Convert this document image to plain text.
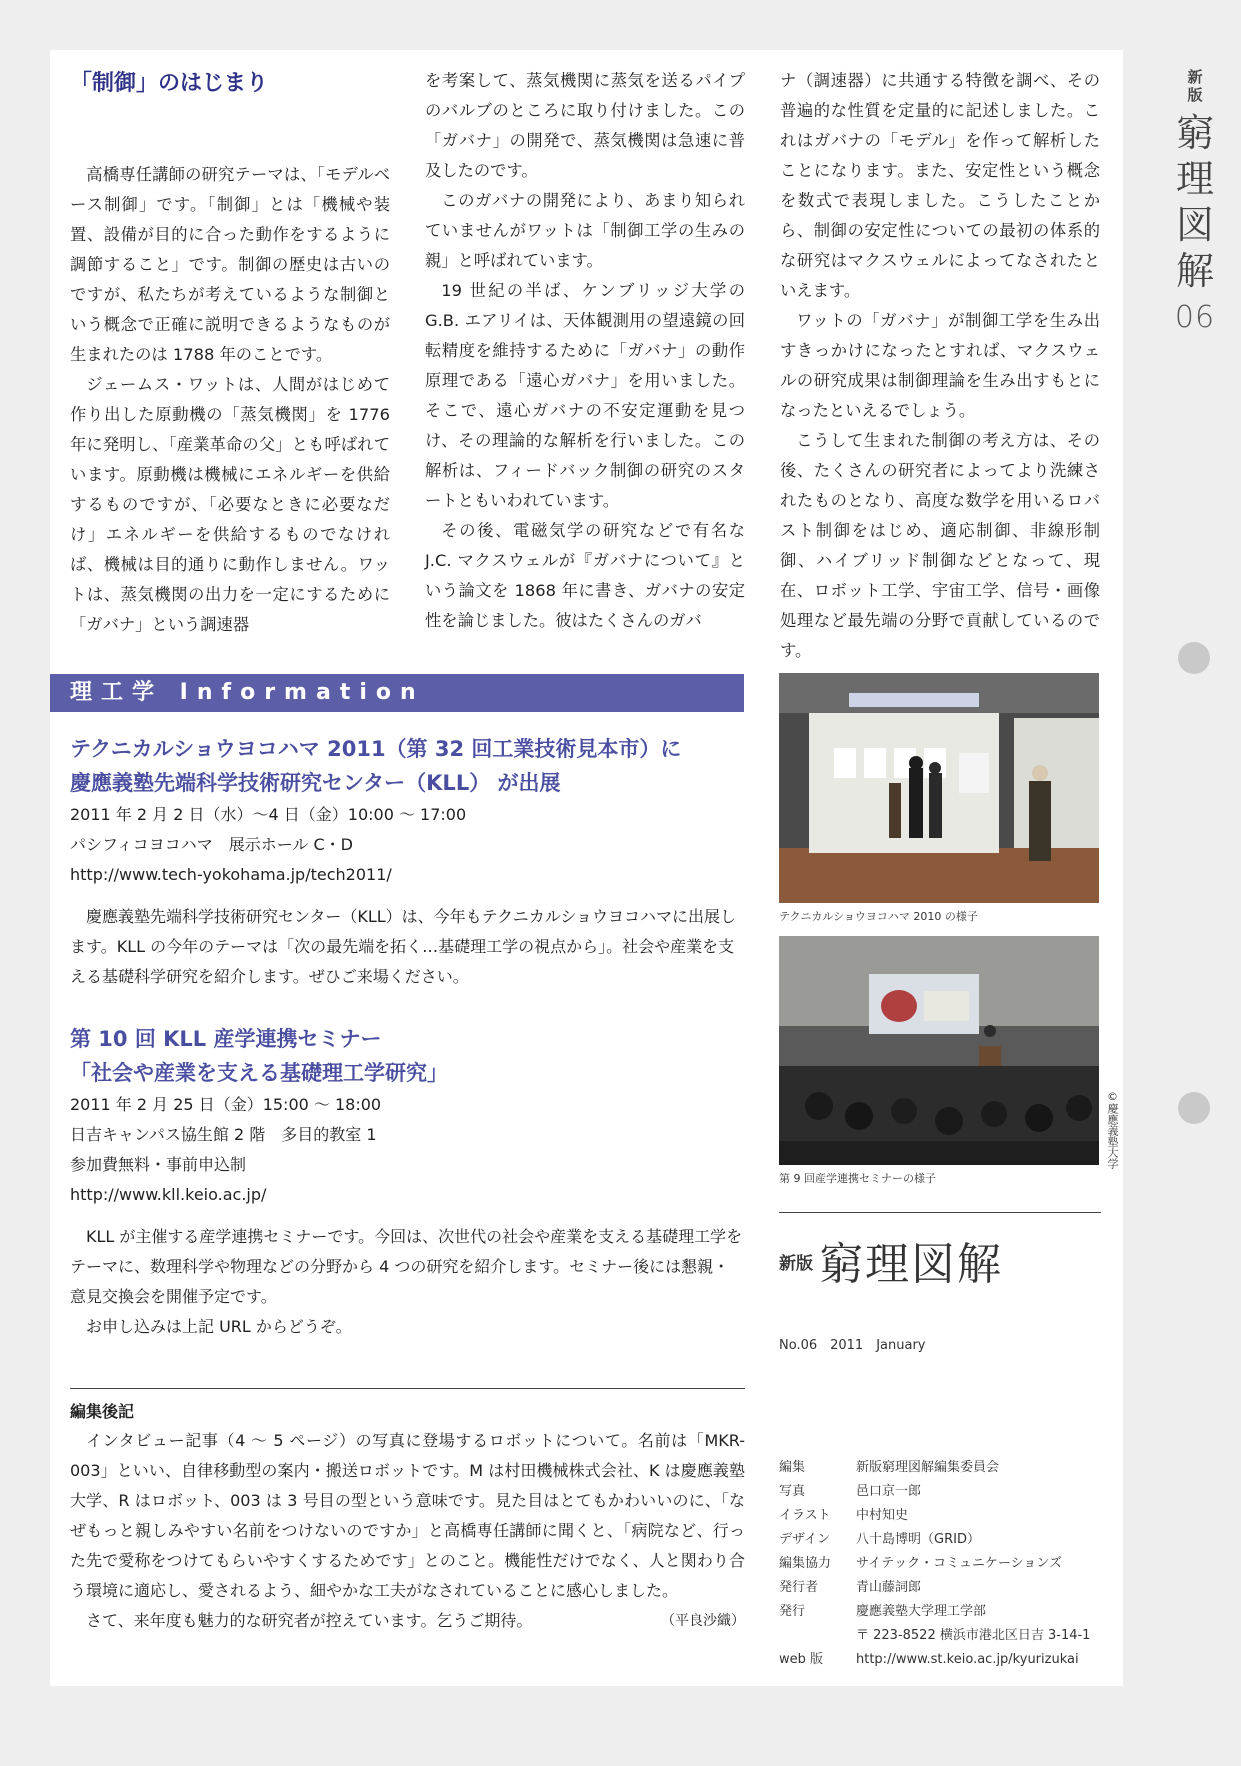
新版
窮理図解
06
「制御」のはじまり

高橋専任講師の研究テーマは、「モデルベース制御」です。「制御」とは「機械や装置、設備が目的に合った動作をするように調節すること」です。制御の歴史は古いのですが、私たちが考えているような制御という概念で正確に説明できるようなものが生まれたのは 1788 年のことです。

ジェームス・ワットは、人間がはじめて作り出した原動機の「蒸気機関」を 1776 年に発明し、「産業革命の父」とも呼ばれています。原動機は機械にエネルギーを供給するものですが、「必要なときに必要なだけ」エネルギーを供給するものでなければ、機械は目的通りに動作しません。ワットは、蒸気機関の出力を一定にするために「ガバナ」という調速器

を考案して、蒸気機関に蒸気を送るパイプのバルブのところに取り付けました。この「ガバナ」の開発で、蒸気機関は急速に普及したのです。

このガバナの開発により、あまり知られていませんがワットは「制御工学の生みの親」と呼ばれています。

19 世紀の半ば、ケンブリッジ大学の G.B. エアリイは、天体観測用の望遠鏡の回転精度を維持するために「ガバナ」の動作原理である「遠心ガバナ」を用いました。そこで、遠心ガバナの不安定運動を見つけ、その理論的な解析を行いました。この解析は、フィードバック制御の研究のスタートともいわれています。

その後、電磁気学の研究などで有名な J.C. マクスウェルが『ガバナについて』という論文を 1868 年に書き、ガバナの安定性を論じました。彼はたくさんのガバ

ナ（調速器）に共通する特徴を調べ、その普遍的な性質を定量的に記述しました。これはガバナの「モデル」を作って解析したことになります。また、安定性という概念を数式で表現しました。こうしたことから、制御の安定性についての最初の体系的な研究はマクスウェルによってなされたといえます。

ワットの「ガバナ」が制御工学を生み出すきっかけになったとすれば、マクスウェルの研究成果は制御理論を生み出すもとになったといえるでしょう。

こうして生まれた制御の考え方は、その後、たくさんの研究者によってより洗練されたものとなり、高度な数学を用いるロバスト制御をはじめ、適応制御、非線形制御、ハイブリッド制御などとなって、現在、ロボット工学、宇宙工学、信号・画像処理など最先端の分野で貢献しているのです。

理工学 Information
テクニカルショウヨコハマ 2011（第 32 回工業技術見本市）に
慶應義塾先端科学技術研究センター（KLL） が出展

2011 年 2 月 2 日（水）～4 日（金）10:00 ～ 17:00

パシフィコヨコハマ　展示ホール C・D

http://www.tech-yokohama.jp/tech2011/

慶應義塾先端科学技術研究センター（KLL）は、今年もテクニカルショウヨコハマに出展します。KLL の今年のテーマは「次の最先端を拓く…基礎理工学の視点から」。社会や産業を支える基礎科学研究を紹介します。ぜひご来場ください。

第 10 回 KLL 産学連携セミナー
「社会や産業を支える基礎理工学研究」

2011 年 2 月 25 日（金）15:00 ～ 18:00

日吉キャンパス協生館 2 階　多目的教室 1

参加費無料・事前申込制

http://www.kll.keio.ac.jp/

KLL が主催する産学連携セミナーです。今回は、次世代の社会や産業を支える基礎理工学をテーマに、数理科学や物理などの分野から 4 つの研究を紹介します。セミナー後には懇親・意見交換会を開催予定です。

お申し込みは上記 URL からどうぞ。

テクニカルショウヨコハマ 2010 の様子
第 9 回産学連携セミナーの様子
©慶應義塾大学
新版 窮理図解
No.06　2011　January
編集	新版窮理図解編集委員会
写真	邑口京一郎
イラスト	中村知史
デザイン	八十島博明（GRID）
編集協力	サイテック・コミュニケーションズ
発行者	青山藤詞郎
発行	慶應義塾大学理工学部
	〒 223-8522 横浜市港北区日吉 3-14-1
web 版	http://www.st.keio.ac.jp/kyurizukai
編集後記

インタビュー記事（4 ～ 5 ページ）の写真に登場するロボットについて。名前は「MKR-003」といい、自律移動型の案内・搬送ロボットです。M は村田機械株式会社、K は慶應義塾大学、R はロボット、003 は 3 号目の型という意味です。見た目はとてもかわいいのに、「なぜもっと親しみやすい名前をつけないのですか」と高橋専任講師に聞くと、「病院など、行った先で愛称をつけてもらいやすくするためです」とのこと。機能性だけでなく、人と関わり合う環境に適応し、愛されるよう、細やかな工夫がなされていることに感心しました。

さて、来年度も魅力的な研究者が控えています。乞うご期待。	（平良沙織）
